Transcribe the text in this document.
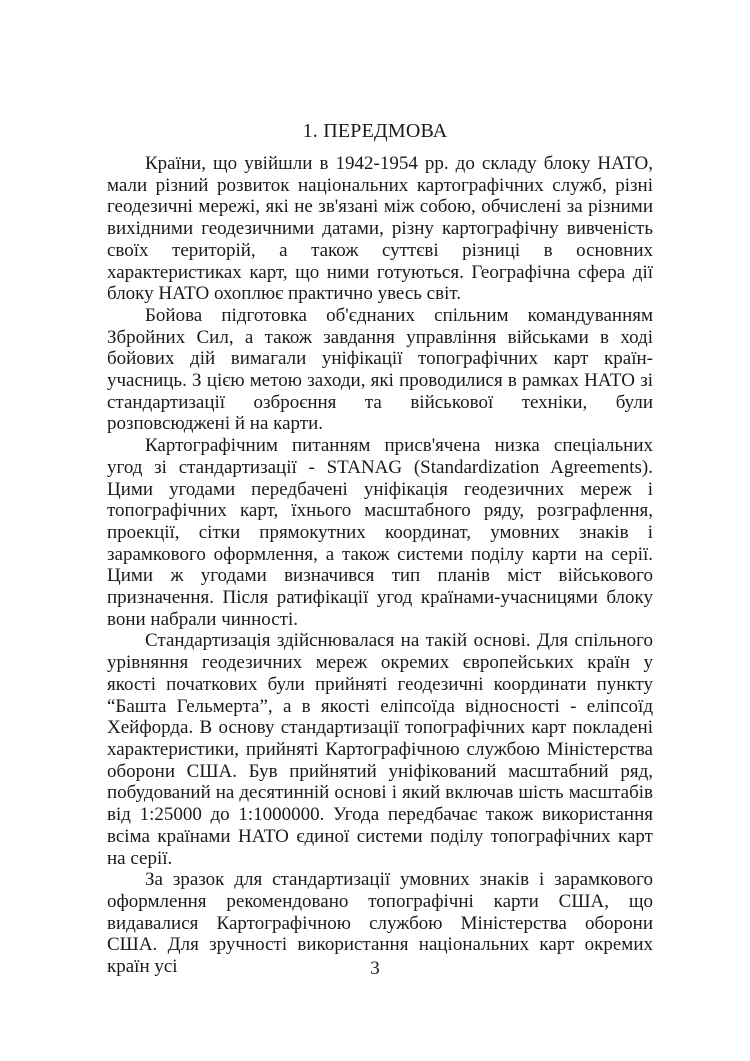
1. ПЕРЕДМОВА

Країни, що увійшли в 1942-1954 рр. до складу блоку НАТО, мали різний розвиток національних картографічних служб, різні геодезичні мережі, які не зв'язані між собою, обчислені за різними вихідними геодезичними датами, різну картографічну вивченість своїх територій, а також суттєві різниці в основних характеристиках карт, що ними готуються. Географічна сфера дії блоку НАТО охоплює практично увесь світ.

Бойова підготовка об'єднаних спільним командуванням Збройних Сил, а також завдання управління військами в ході бойових дій вимагали уніфікації топографічних карт країн-учасниць. З цією метою заходи, які проводилися в рамках НАТО зі стандартизації озброєння та військової техніки, були розповсюджені й на карти.

Картографічним питанням присв'ячена низка спеціальних угод зі стандартизації - STANAG (Standardization Agreements). Цими угодами передбачені уніфікація геодезичних мереж і топографічних карт, їхнього масштабного ряду, розграфлення, проекції, сітки прямокутних координат, умовних знаків і зарамкового оформлення, а також системи поділу карти на серії. Цими ж угодами визначився тип планів міст військового призначення. Після ратифікації угод країнами-учасницями блоку вони набрали чинності.

Стандартизація здійснювалася на такій основі. Для спільного урівняння геодезичних мереж окремих європейських країн у якості початкових були прийняті геодезичні координати пункту “Башта Гельмерта”, а в якості еліпсоїда відносності - еліпсоїд Хейфорда. В основу стандартизації топографічних карт покладені характеристики, прийняті Картографічною службою Міністерства оборони США. Був прийнятий уніфікований масштабний ряд, побудований на десятинній основі і який включав шість масштабів від 1:25000 до 1:1000000. Угода передбачає також використання всіма країнами НАТО єдиної системи поділу топографічних карт на серії.

За зразок для стандартизації умовних знаків і зарамкового оформлення рекомендовано топографічні карти США, що видавалися Картографічною службою Міністерства оборони США. Для зручності використання національних карт окремих країн усі	3
